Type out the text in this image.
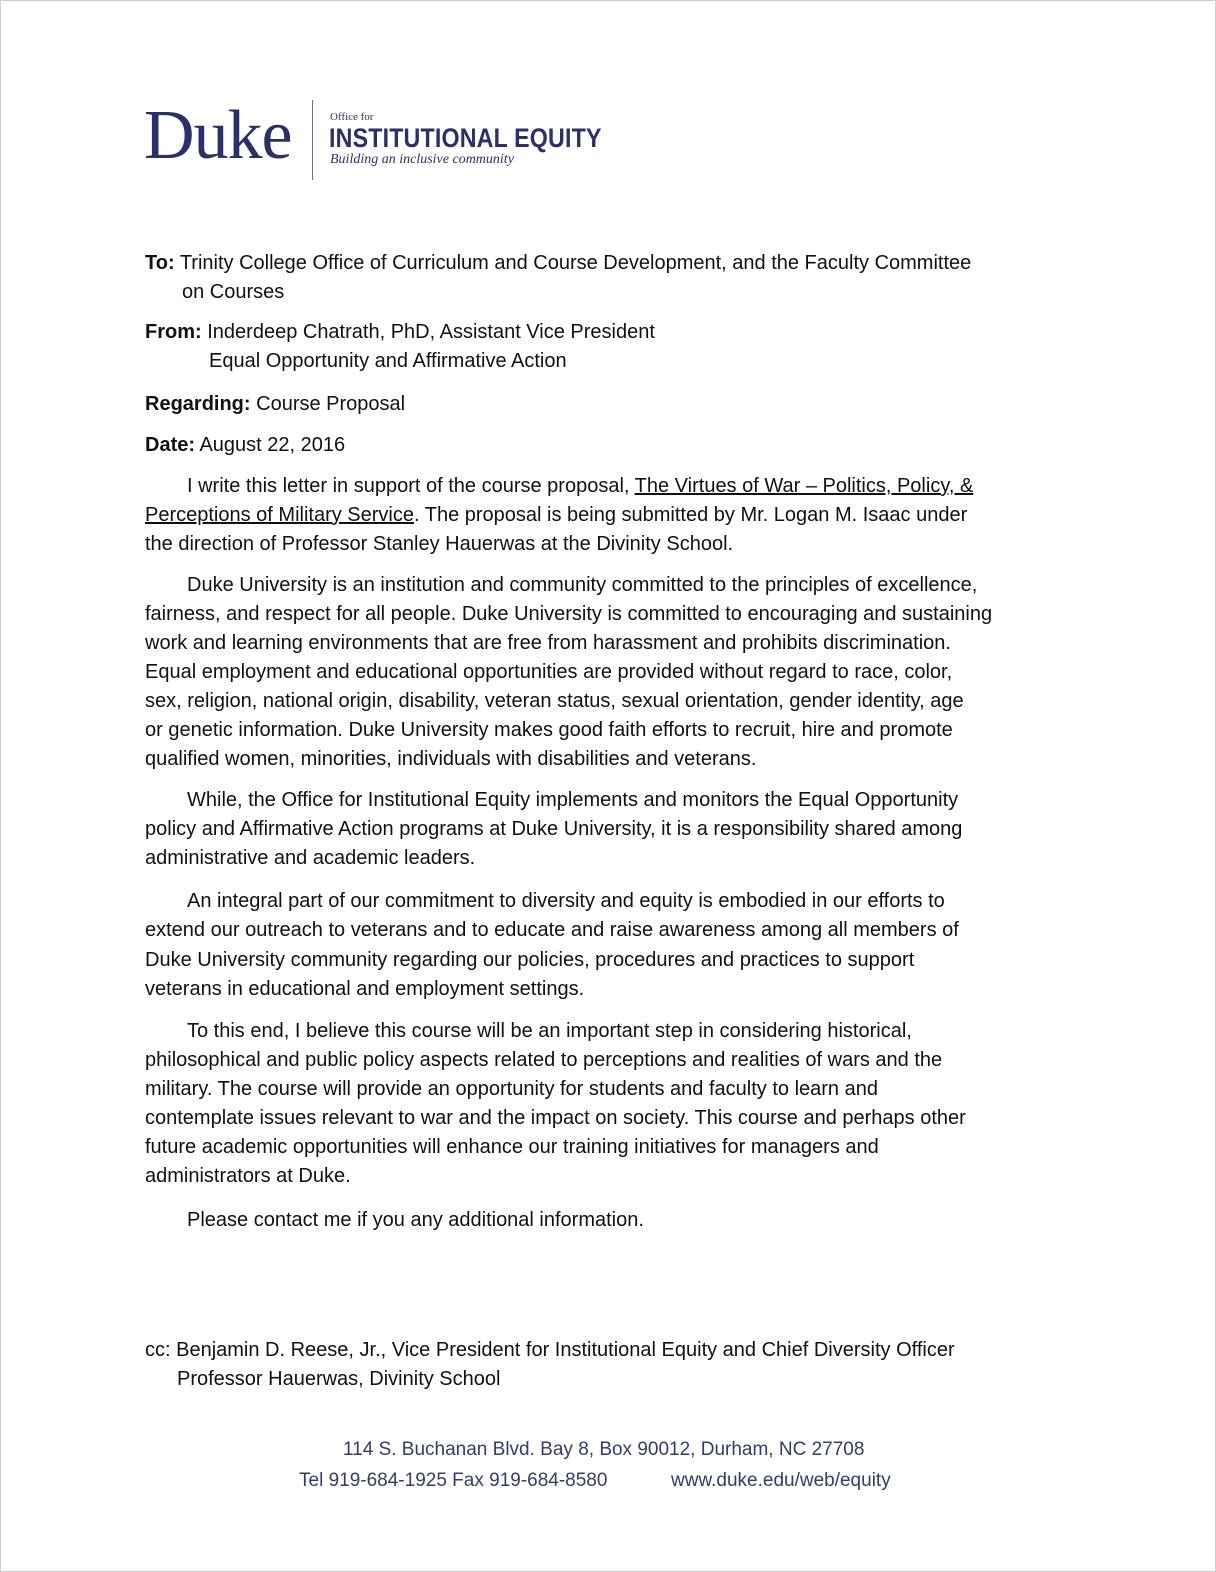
Duke	Office for
INSTITUTIONAL EQUITY
Building an inclusive community
To: Trinity College Office of Curriculum and Course Development, and the Faculty Committee
on Courses
From: Inderdeep Chatrath, PhD, Assistant Vice President
Equal Opportunity and Affirmative Action
Regarding: Course Proposal
Date: August 22, 2016
I write this letter in support of the course proposal, The Virtues of War – Politics, Policy, &
Perceptions of Military Service. The proposal is being submitted by Mr. Logan M. Isaac under
the direction of Professor Stanley Hauerwas at the Divinity School.
Duke University is an institution and community committed to the principles of excellence,
fairness, and respect for all people. Duke University is committed to encouraging and sustaining
work and learning environments that are free from harassment and prohibits discrimination.
Equal employment and educational opportunities are provided without regard to race, color,
sex, religion, national origin, disability, veteran status, sexual orientation, gender identity, age
or genetic information. Duke University makes good faith efforts to recruit, hire and promote
qualified women, minorities, individuals with disabilities and veterans.
While, the Office for Institutional Equity implements and monitors the Equal Opportunity
policy and Affirmative Action programs at Duke University, it is a responsibility shared among
administrative and academic leaders.
An integral part of our commitment to diversity and equity is embodied in our efforts to
extend our outreach to veterans and to educate and raise awareness among all members of
Duke University community regarding our policies, procedures and practices to support
veterans in educational and employment settings.
To this end, I believe this course will be an important step in considering historical,
philosophical and public policy aspects related to perceptions and realities of wars and the
military. The course will provide an opportunity for students and faculty to learn and
contemplate issues relevant to war and the impact on society. This course and perhaps other
future academic opportunities will enhance our training initiatives for managers and
administrators at Duke.
Please contact me if you any additional information.
cc: Benjamin D. Reese, Jr., Vice President for Institutional Equity and Chief Diversity Officer
Professor Hauerwas, Divinity School
114 S. Buchanan Blvd. Bay 8, Box 90012, Durham, NC 27708
Tel 919-684-1925 Fax 919-684-8580	www.duke.edu/web/equity
